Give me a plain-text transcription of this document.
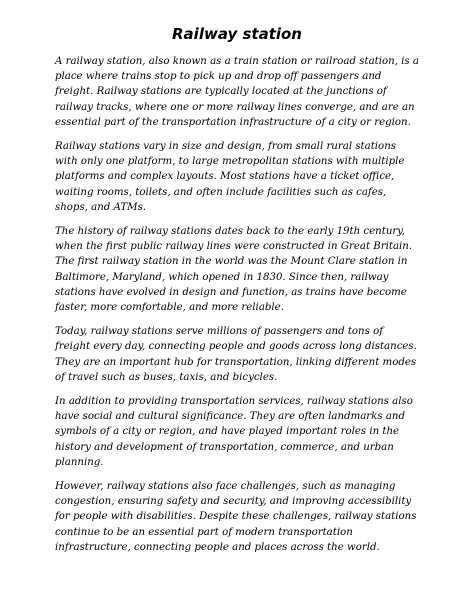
Railway station

A railway station, also known as a train station or railroad station, is a place where trains stop to pick up and drop off passengers and freight. Railway stations are typically located at the junctions of railway tracks, where one or more railway lines converge, and are an essential part of the transportation infrastructure of a city or region.

Railway stations vary in size and design, from small rural stations with only one platform, to large metropolitan stations with multiple platforms and complex layouts. Most stations have a ticket office, waiting rooms, toilets, and often include facilities such as cafes, shops, and ATMs.

The history of railway stations dates back to the early 19th century, when the first public railway lines were constructed in Great Britain. The first railway station in the world was the Mount Clare station in Baltimore, Maryland, which opened in 1830. Since then, railway stations have evolved in design and function, as trains have become faster, more comfortable, and more reliable.

Today, railway stations serve millions of passengers and tons of freight every day, connecting people and goods across long distances. They are an important hub for transportation, linking different modes of travel such as buses, taxis, and bicycles.

In addition to providing transportation services, railway stations also have social and cultural significance. They are often landmarks and symbols of a city or region, and have played important roles in the history and development of transportation, commerce, and urban planning.

However, railway stations also face challenges, such as managing congestion, ensuring safety and security, and improving accessibility for people with disabilities. Despite these challenges, railway stations continue to be an essential part of modern transportation infrastructure, connecting people and places across the world.
